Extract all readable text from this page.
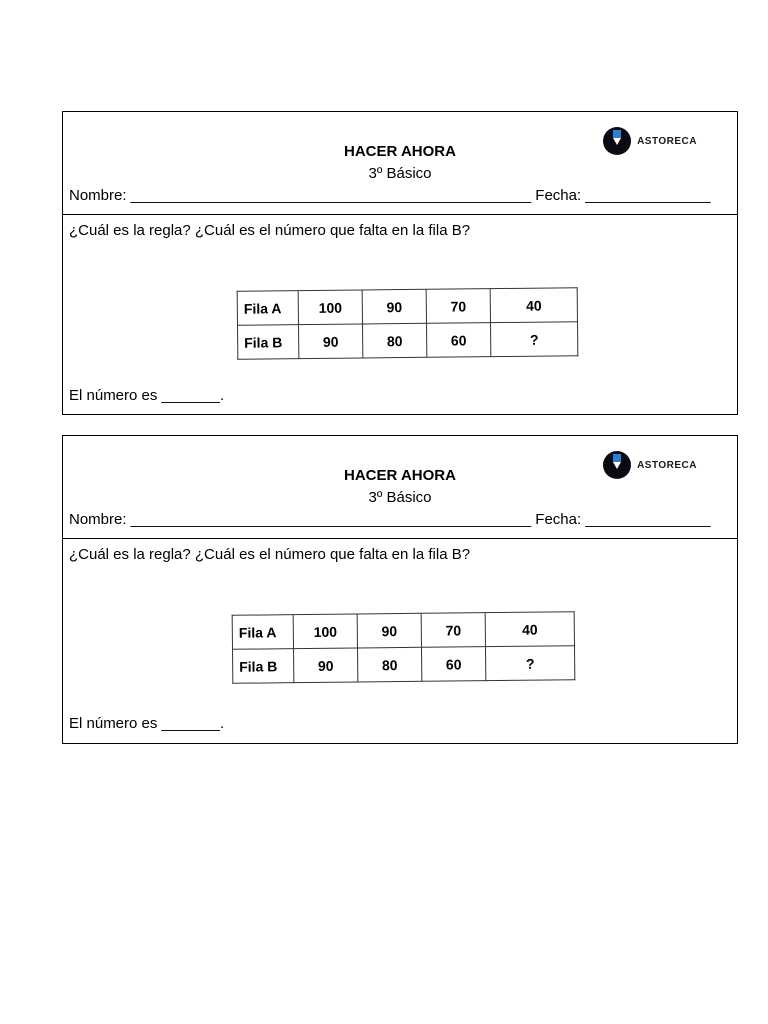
ASTORECA
HACER AHORA
3º Básico
Nombre: ________________________________________________ Fecha: _______________
¿Cuál es la regla? ¿Cuál es el número que falta en la fila B?
Fila A	100	90	70	40
Fila B	90	80	60	?
El número es _______.
ASTORECA
HACER AHORA
3º Básico
Nombre: ________________________________________________ Fecha: _______________
¿Cuál es la regla? ¿Cuál es el número que falta en la fila B?
Fila A	100	90	70	40
Fila B	90	80	60	?
El número es _______.
